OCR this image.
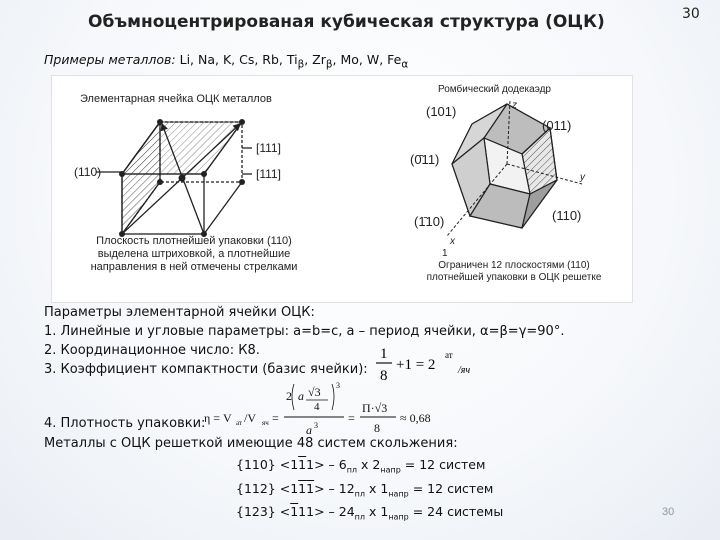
Объмноцентрированая кубическая структура (ОЦК)	30
Примеры металлов: Li, Na, K, Cs, Rb, $Ti_\beta$, $Zr_\beta$, Mo, W, $Fe_\alpha$
Элементарная ячейка ОЦК металлов
(110)
[111]
[111]
Плоскость плотнейшей упаковки (110)
выделена штриховкой, а плотнейшие
направления в ней отмечены стрелками
Ромбический додекаэдр
z
y
x
1
(101)
(011)
(0̄11)
(1̄10)	(110)
Ограничен 12 плоскостями (110)
плотнейшей упаковки в ОЦК решетке
Параметры элементарной ячейки ОЦК:
1. Линейные и угловые параметры: a=b=c, a – период ячейки, α=β=γ=90°.
2. Координационное число: К8.
3. Коэффициент компактности (базис ячейки):
1
8
+1 = 2
ат
/яч
4. Плотность упаковки:
η = V ат /V яч =
2 a √3
4
3
a 3
=
Π·√3
8
≈ 0,68
Металлы с ОЦК решеткой имеющие 48 систем скольжения:
$\{110\} <111> - 6_{пл}$ х $2_{напр} = 12$ систем
$\{112\} <111> - 12_{пл}$ х $1_{напр} = 12$ систем
$\{123\} <111> - 24_{пл}$ х $1_{напр} = 24$ системы	30
